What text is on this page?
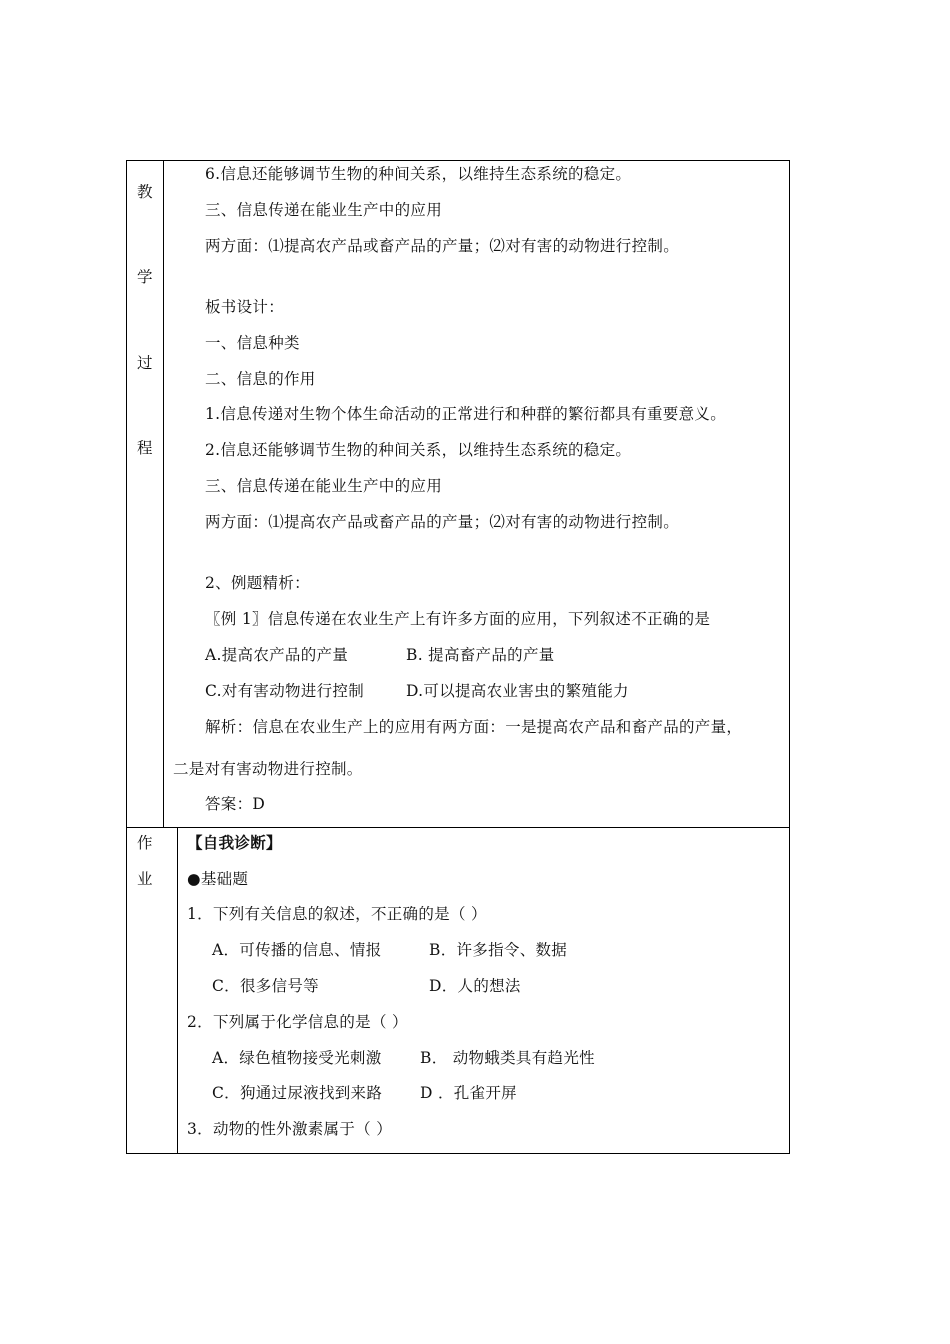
教
学
过
程
6.信息还能够调节生物的种间关系，以维持生态系统的稳定。
三、信息传递在能业生产中的应用
两方面：⑴提高农产品或畜产品的产量；⑵对有害的动物进行控制。
板书设计：
一、信息种类
二、信息的作用
1.信息传递对生物个体生命活动的正常进行和种群的繁衍都具有重要意义。
2.信息还能够调节生物的种间关系，以维持生态系统的稳定。
三、信息传递在能业生产中的应用
两方面：⑴提高农产品或畜产品的产量；⑵对有害的动物进行控制。
2、例题精析：
〖例 1〗信息传递在农业生产上有许多方面的应用，下列叙述不正确的是
A.提高农产品的产量	B. 提高畜产品的产量
C.对有害动物进行控制	D.可以提高农业害虫的繁殖能力
解析：信息在农业生产上的应用有两方面：一是提高农产品和畜产品的产量，
二是对有害动物进行控制。
答案：D
作
业
【自我诊断】
●基础题
1．下列有关信息的叙述，不正确的是（ ）
A．可传播的信息、情报	B．许多指令、数据
C．很多信号等	D．人的想法
2．下列属于化学信息的是（ ）
A．绿色植物接受光刺激 B． 动物蛾类具有趋光性
C．狗通过尿液找到来路 D ．孔雀开屏
3．动物的性外激素属于（ ）
